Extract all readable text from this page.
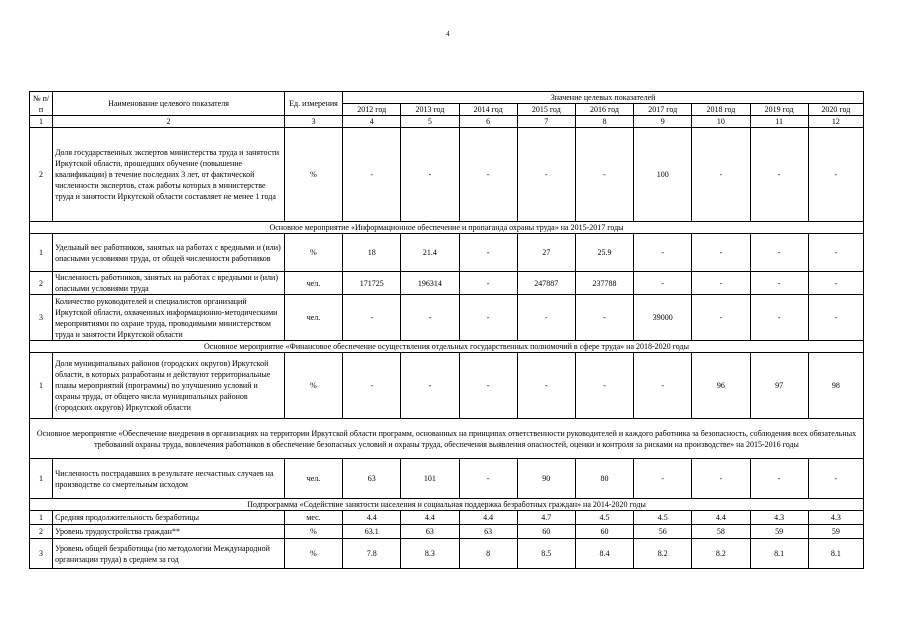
4
№ п/п	Наименование целевого показателя	Ед. измерения	Значение целевых показателей								
			2012 год	2013 год	2014 год	2015 год	2016 год	2017 год	2018 год	2019 год	2020 год
1	2	3	4	5	6	7	8	9	10	11	12
2	Доля государственных экспертов министерства труда и занятости Иркутской области, прошедших обучение (повышение квалификации) в течение последних 3 лет, от фактической численности экспертов, стаж работы которых в министерстве труда и занятости Иркутской области составляет не менее 1 года	%	-	-	-	-	-	100	-	-	-
Основное мероприятие «Информационное обеспечение и пропаганда охраны труда» на 2015-2017 годы											
1	Удельный вес работников, занятых на работах с вредными и (или) опасными условиями труда, от общей численности работников	%	18	21.4	-	27	25.9	-	-	-	-
2	Численность работников, занятых на работах с вредными и (или) опасными условиями труда	чел.	171725	196314	-	247887	237788	-	-	-	-
3	Количество руководителей и специалистов организаций Иркутской области, охваченных информационно-методическими мероприятиями по охране труда, проводимыми министерством труда и занятости Иркутской области	чел.	-	-	-	-	-	39000	-	-	-
Основное мероприятие «Финансовое обеспечение осуществления отдельных государственных полномочий в сфере труда» на 2018-2020 годы											
1	Доля муниципальных районов (городских округов) Иркутской области, в которых разработаны и действуют территориальные планы мероприятий (программы) по улучшению условий и охраны труда, от общего числа муниципальных районов (городских округов) Иркутской области	%	-	-	-	-	-	-	96	97	98
Основное мероприятие «Обеспечение внедрения в организациях на территории Иркутской области программ, основанных на принципах ответственности руководителей и каждого работника за безопасность, соблюдения всех обязательных требований охраны труда, вовлечения работников в обеспечение безопасных условий и охраны труда, обеспечения выявления опасностей, оценки и контроля за рисками на производстве» на 2015-2016 годы											
1	Численность пострадавших в результате несчастных случаев на производстве со смертельным исходом	чел.	63	101	-	90	80	-	-	-	-
Подпрограмма «Содействие занятости населения и социальная поддержка безработных граждан» на 2014-2020 годы											
1	Средняя продолжительность безработицы	мес.	4.4	4.4	4.4	4.7	4.5	4.5	4.4	4.3	4.3
2	Уровень трудоустройства граждан**	%	63.1	63	63	60	60	56	58	59	59
3	Уровень общей безработицы (по методологии Международной организации труда) в среднем за год	%	7.8	8.3	8	8.5	8.4	8.2	8.2	8.1	8.1
